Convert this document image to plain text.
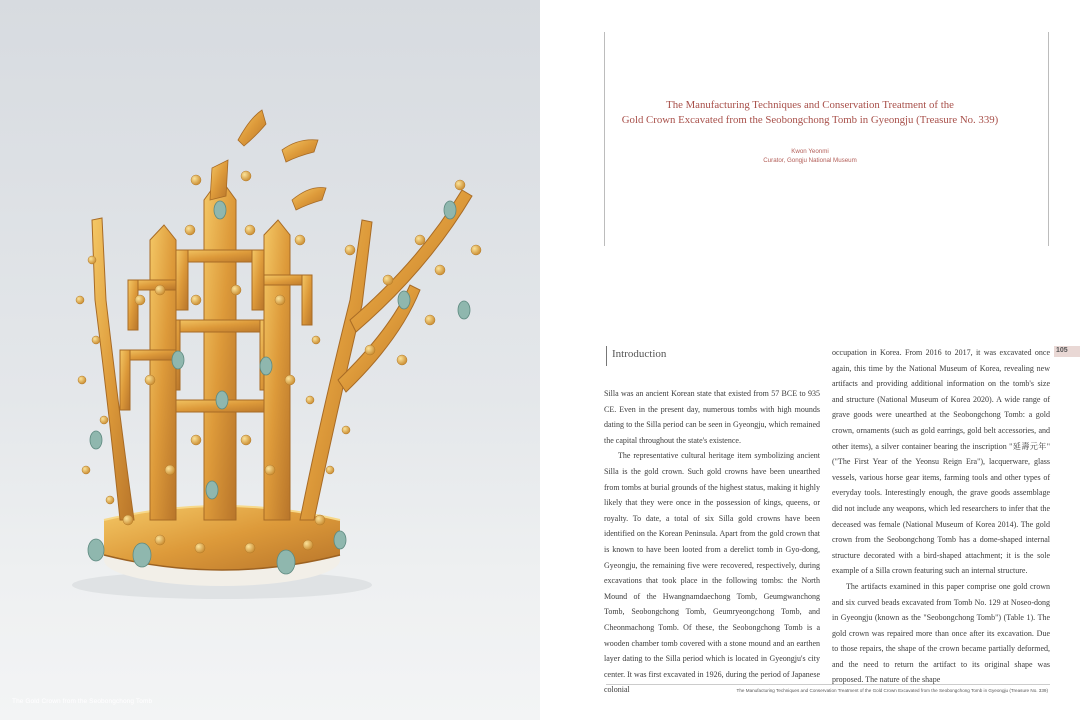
The Gold Crown from the Seobongchong Tomb
The Manufacturing Techniques and Conservation Treatment of the
Gold Crown Excavated from the Seobongchong Tomb in Gyeongju (Treasure No. 339)
Kwon Yeonmi
Curator, Gongju National Museum
Introduction

Silla was an ancient Korean state that existed from 57 BCE to 935 CE. Even in the present day, numerous tombs with high mounds dating to the Silla period can be seen in Gyeongju, which remained the capital throughout the state's existence.

The representative cultural heritage item symbolizing ancient Silla is the gold crown. Such gold crowns have been unearthed from tombs at burial grounds of the highest status, making it highly likely that they were once in the possession of kings, queens, or royalty. To date, a total of six Silla gold crowns have been identified on the Korean Peninsula. Apart from the gold crown that is known to have been looted from a derelict tomb in Gyo-dong, Gyeongju, the remaining five were recovered, respectively, during excavations that took place in the following tombs: the North Mound of the Hwangnamdaechong Tomb, Geumgwanchong Tomb, Seobongchong Tomb, Geumryeongchong Tomb, and Cheonmachong Tomb. Of these, the Seobongchong Tomb is a wooden chamber tomb covered with a stone mound and an earthen layer dating to the Silla period which is located in Gyeongju's city center. It was first excavated in 1926, during the period of Japanese colonial

occupation in Korea. From 2016 to 2017, it was excavated once again, this time by the National Museum of Korea, revealing new artifacts and providing additional information on the tomb's size and structure (National Museum of Korea 2020). A wide range of grave goods were unearthed at the Seobongchong Tomb: a gold crown, ornaments (such as gold earrings, gold belt accessories, and other items), a silver container bearing the inscription "延壽元年" ("The First Year of the Yeonsu Reign Era"), lacquerware, glass vessels, various horse gear items, farming tools and other types of everyday tools. Interestingly enough, the grave goods assemblage did not include any weapons, which led researchers to infer that the deceased was female (National Museum of Korea 2014). The gold crown from the Seobongchong Tomb has a dome-shaped internal structure decorated with a bird-shaped attachment; it is the sole example of a Silla crown featuring such an internal structure.

The artifacts examined in this paper comprise one gold crown and six curved beads excavated from Tomb No. 129 at Noseo-dong in Gyeongju (known as the "Seobongchong Tomb") (Table 1). The gold crown was repaired more than once after its excavation. Due to those repairs, the shape of the crown became partially deformed, and the need to return the artifact to its original shape was proposed. The nature of the shape

105
The Manufacturing Techniques and Conservation Treatment of the Gold Crown Excavated from the Seobongchong Tomb in Gyeongju (Treasure No. 339)
